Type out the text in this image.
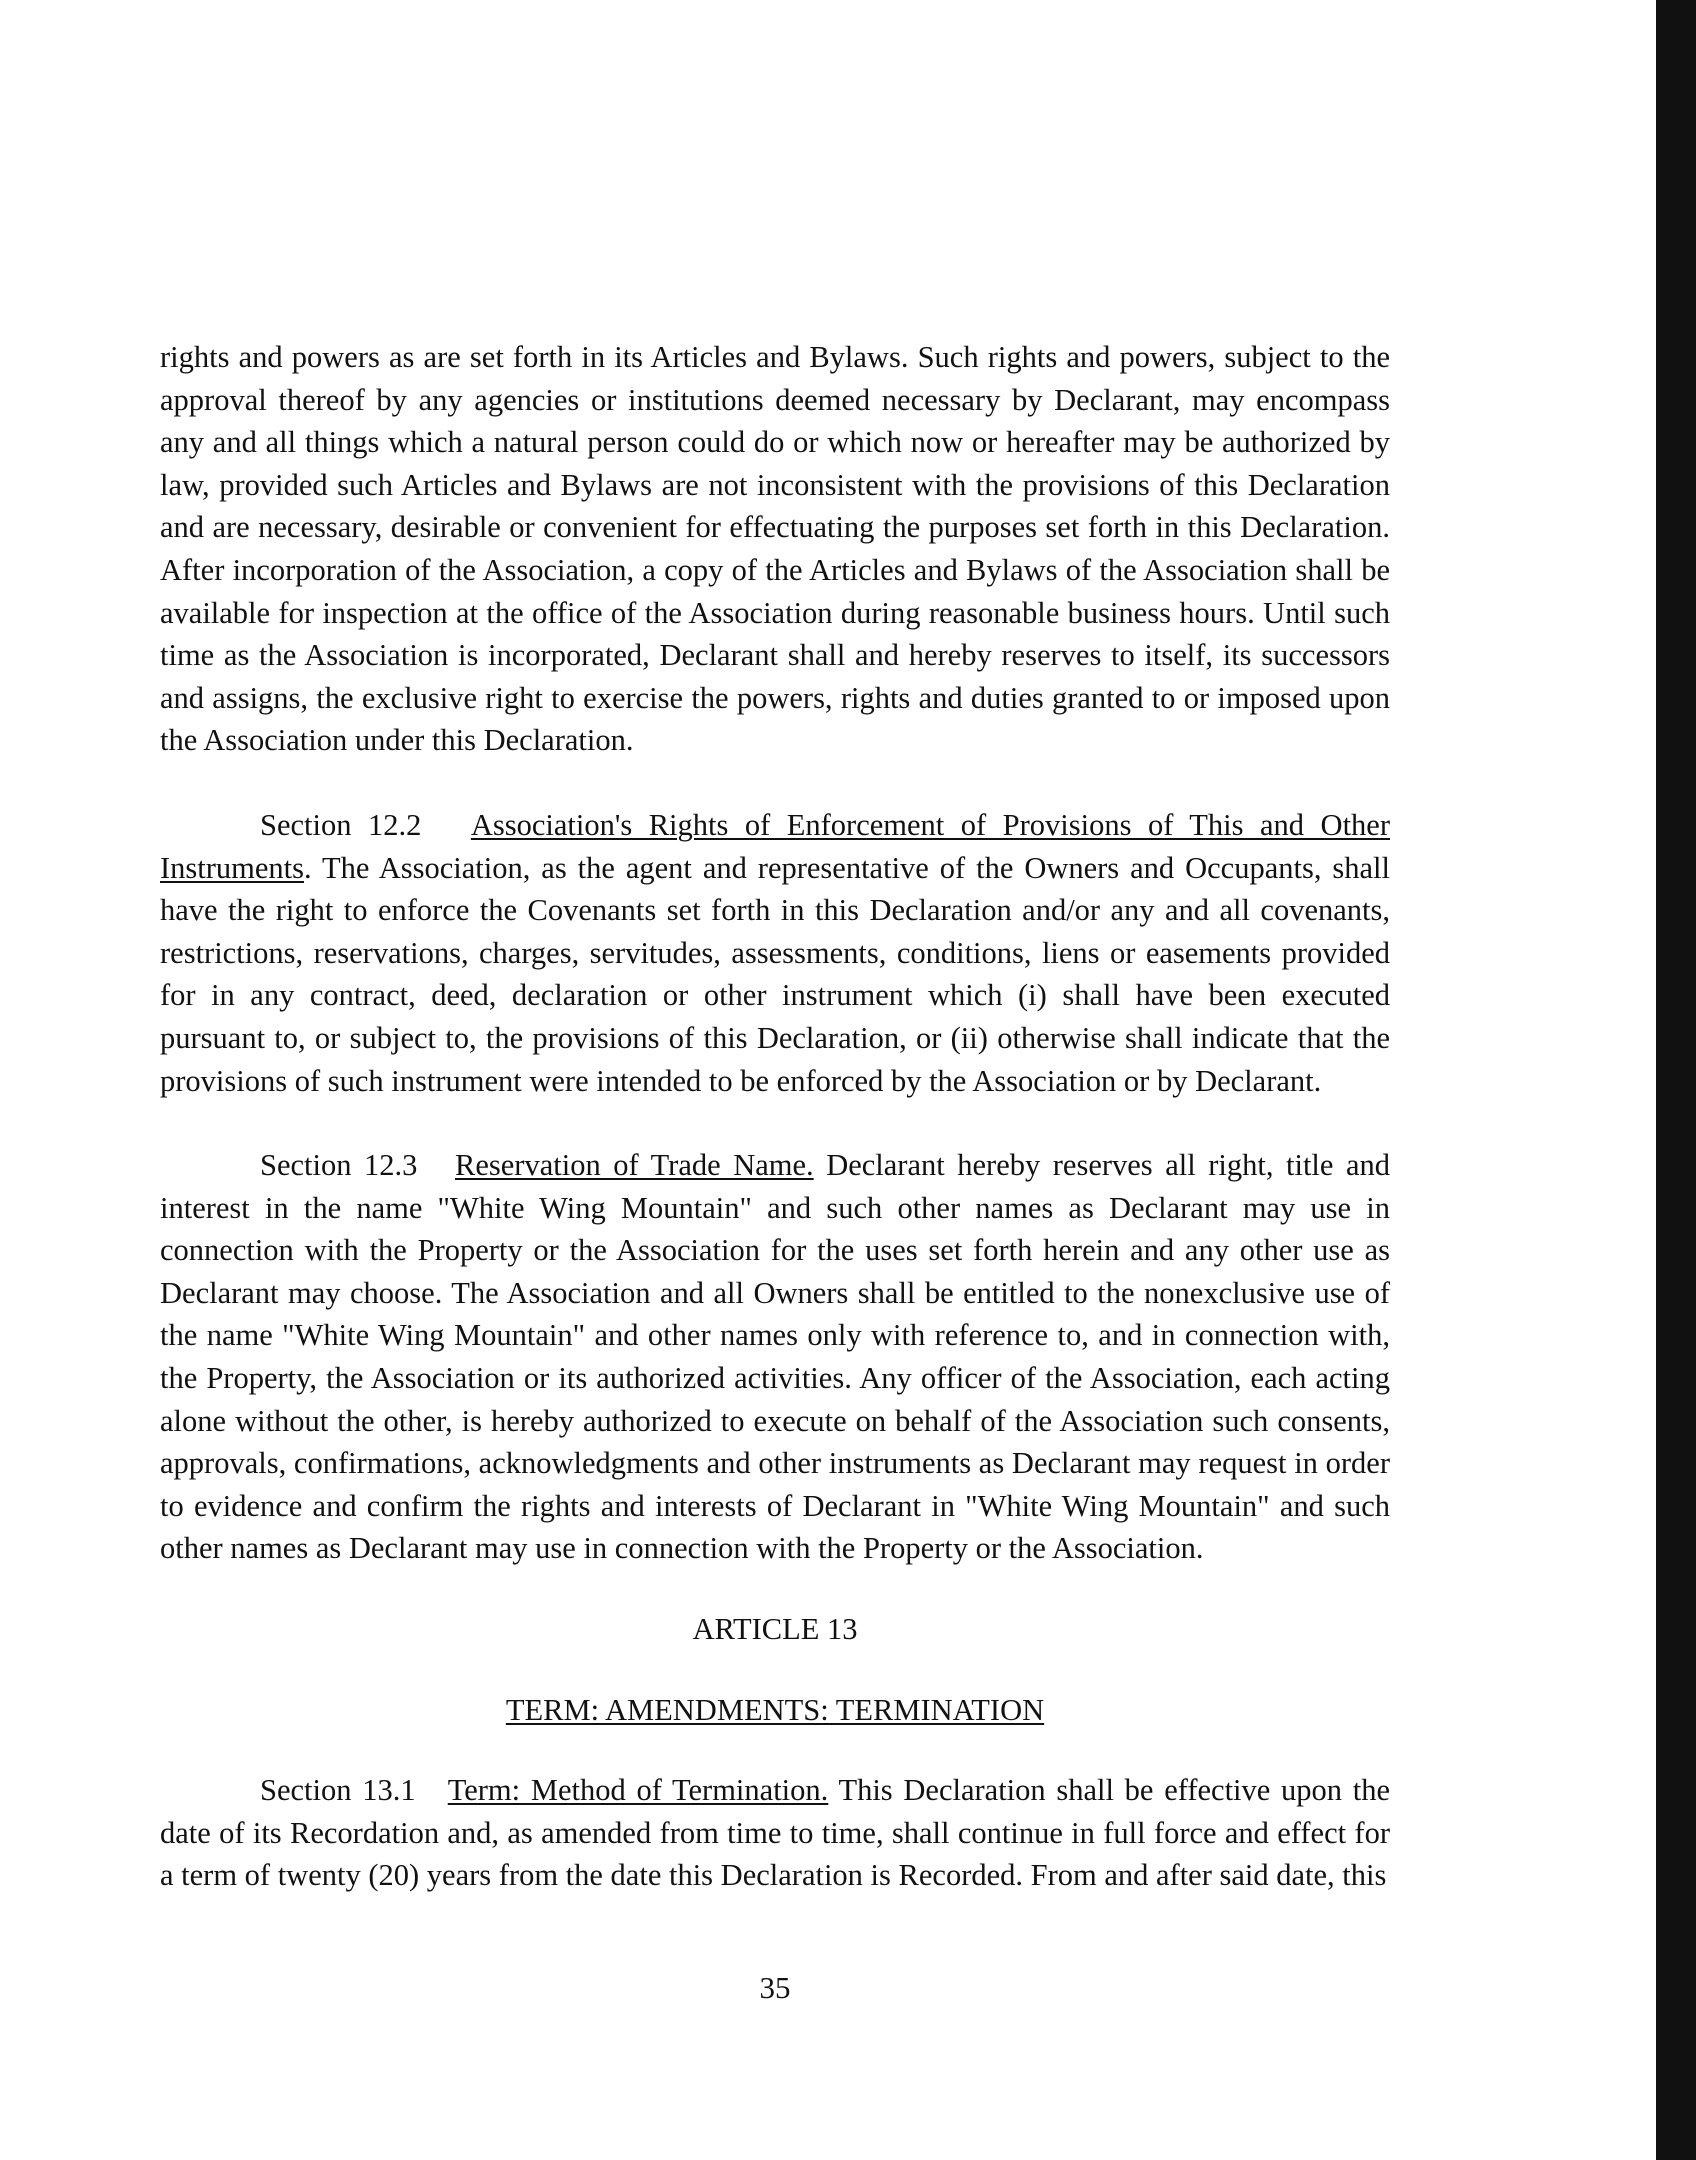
rights and powers as are set forth in its Articles and Bylaws. Such rights and powers, subject to the approval thereof by any agencies or institutions deemed necessary by Declarant, may encompass any and all things which a natural person could do or which now or hereafter may be authorized by law, provided such Articles and Bylaws are not inconsistent with the provisions of this Declaration and are necessary, desirable or convenient for effectuating the purposes set forth in this Declaration. After incorporation of the Association, a copy of the Articles and Bylaws of the Association shall be available for inspection at the office of the Association during reasonable business hours. Until such time as the Association is incorporated, Declarant shall and hereby reserves to itself, its successors and assigns, the exclusive right to exercise the powers, rights and duties granted to or imposed upon the Association under this Declaration.

Section 12.2 Association's Rights of Enforcement of Provisions of This and Other Instruments. The Association, as the agent and representative of the Owners and Occupants, shall have the right to enforce the Covenants set forth in this Declaration and/or any and all covenants, restrictions, reservations, charges, servitudes, assessments, conditions, liens or easements provided for in any contract, deed, declaration or other instrument which (i) shall have been executed pursuant to, or subject to, the provisions of this Declaration, or (ii) otherwise shall indicate that the provisions of such instrument were intended to be enforced by the Association or by Declarant.

Section 12.3 Reservation of Trade Name. Declarant hereby reserves all right, title and interest in the name "White Wing Mountain" and such other names as Declarant may use in connection with the Property or the Association for the uses set forth herein and any other use as Declarant may choose. The Association and all Owners shall be entitled to the nonexclusive use of the name "White Wing Mountain" and other names only with reference to, and in connection with, the Property, the Association or its authorized activities. Any officer of the Association, each acting alone without the other, is hereby authorized to execute on behalf of the Association such consents, approvals, confirmations, acknowledgments and other instruments as Declarant may request in order to evidence and confirm the rights and interests of Declarant in "White Wing Mountain" and such other names as Declarant may use in connection with the Property or the Association.

ARTICLE 13

TERM: AMENDMENTS: TERMINATION

Section 13.1 Term: Method of Termination. This Declaration shall be effective upon the date of its Recordation and, as amended from time to time, shall continue in full force and effect for a term of twenty (20) years from the date this Declaration is Recorded. From and after said date, this

35
